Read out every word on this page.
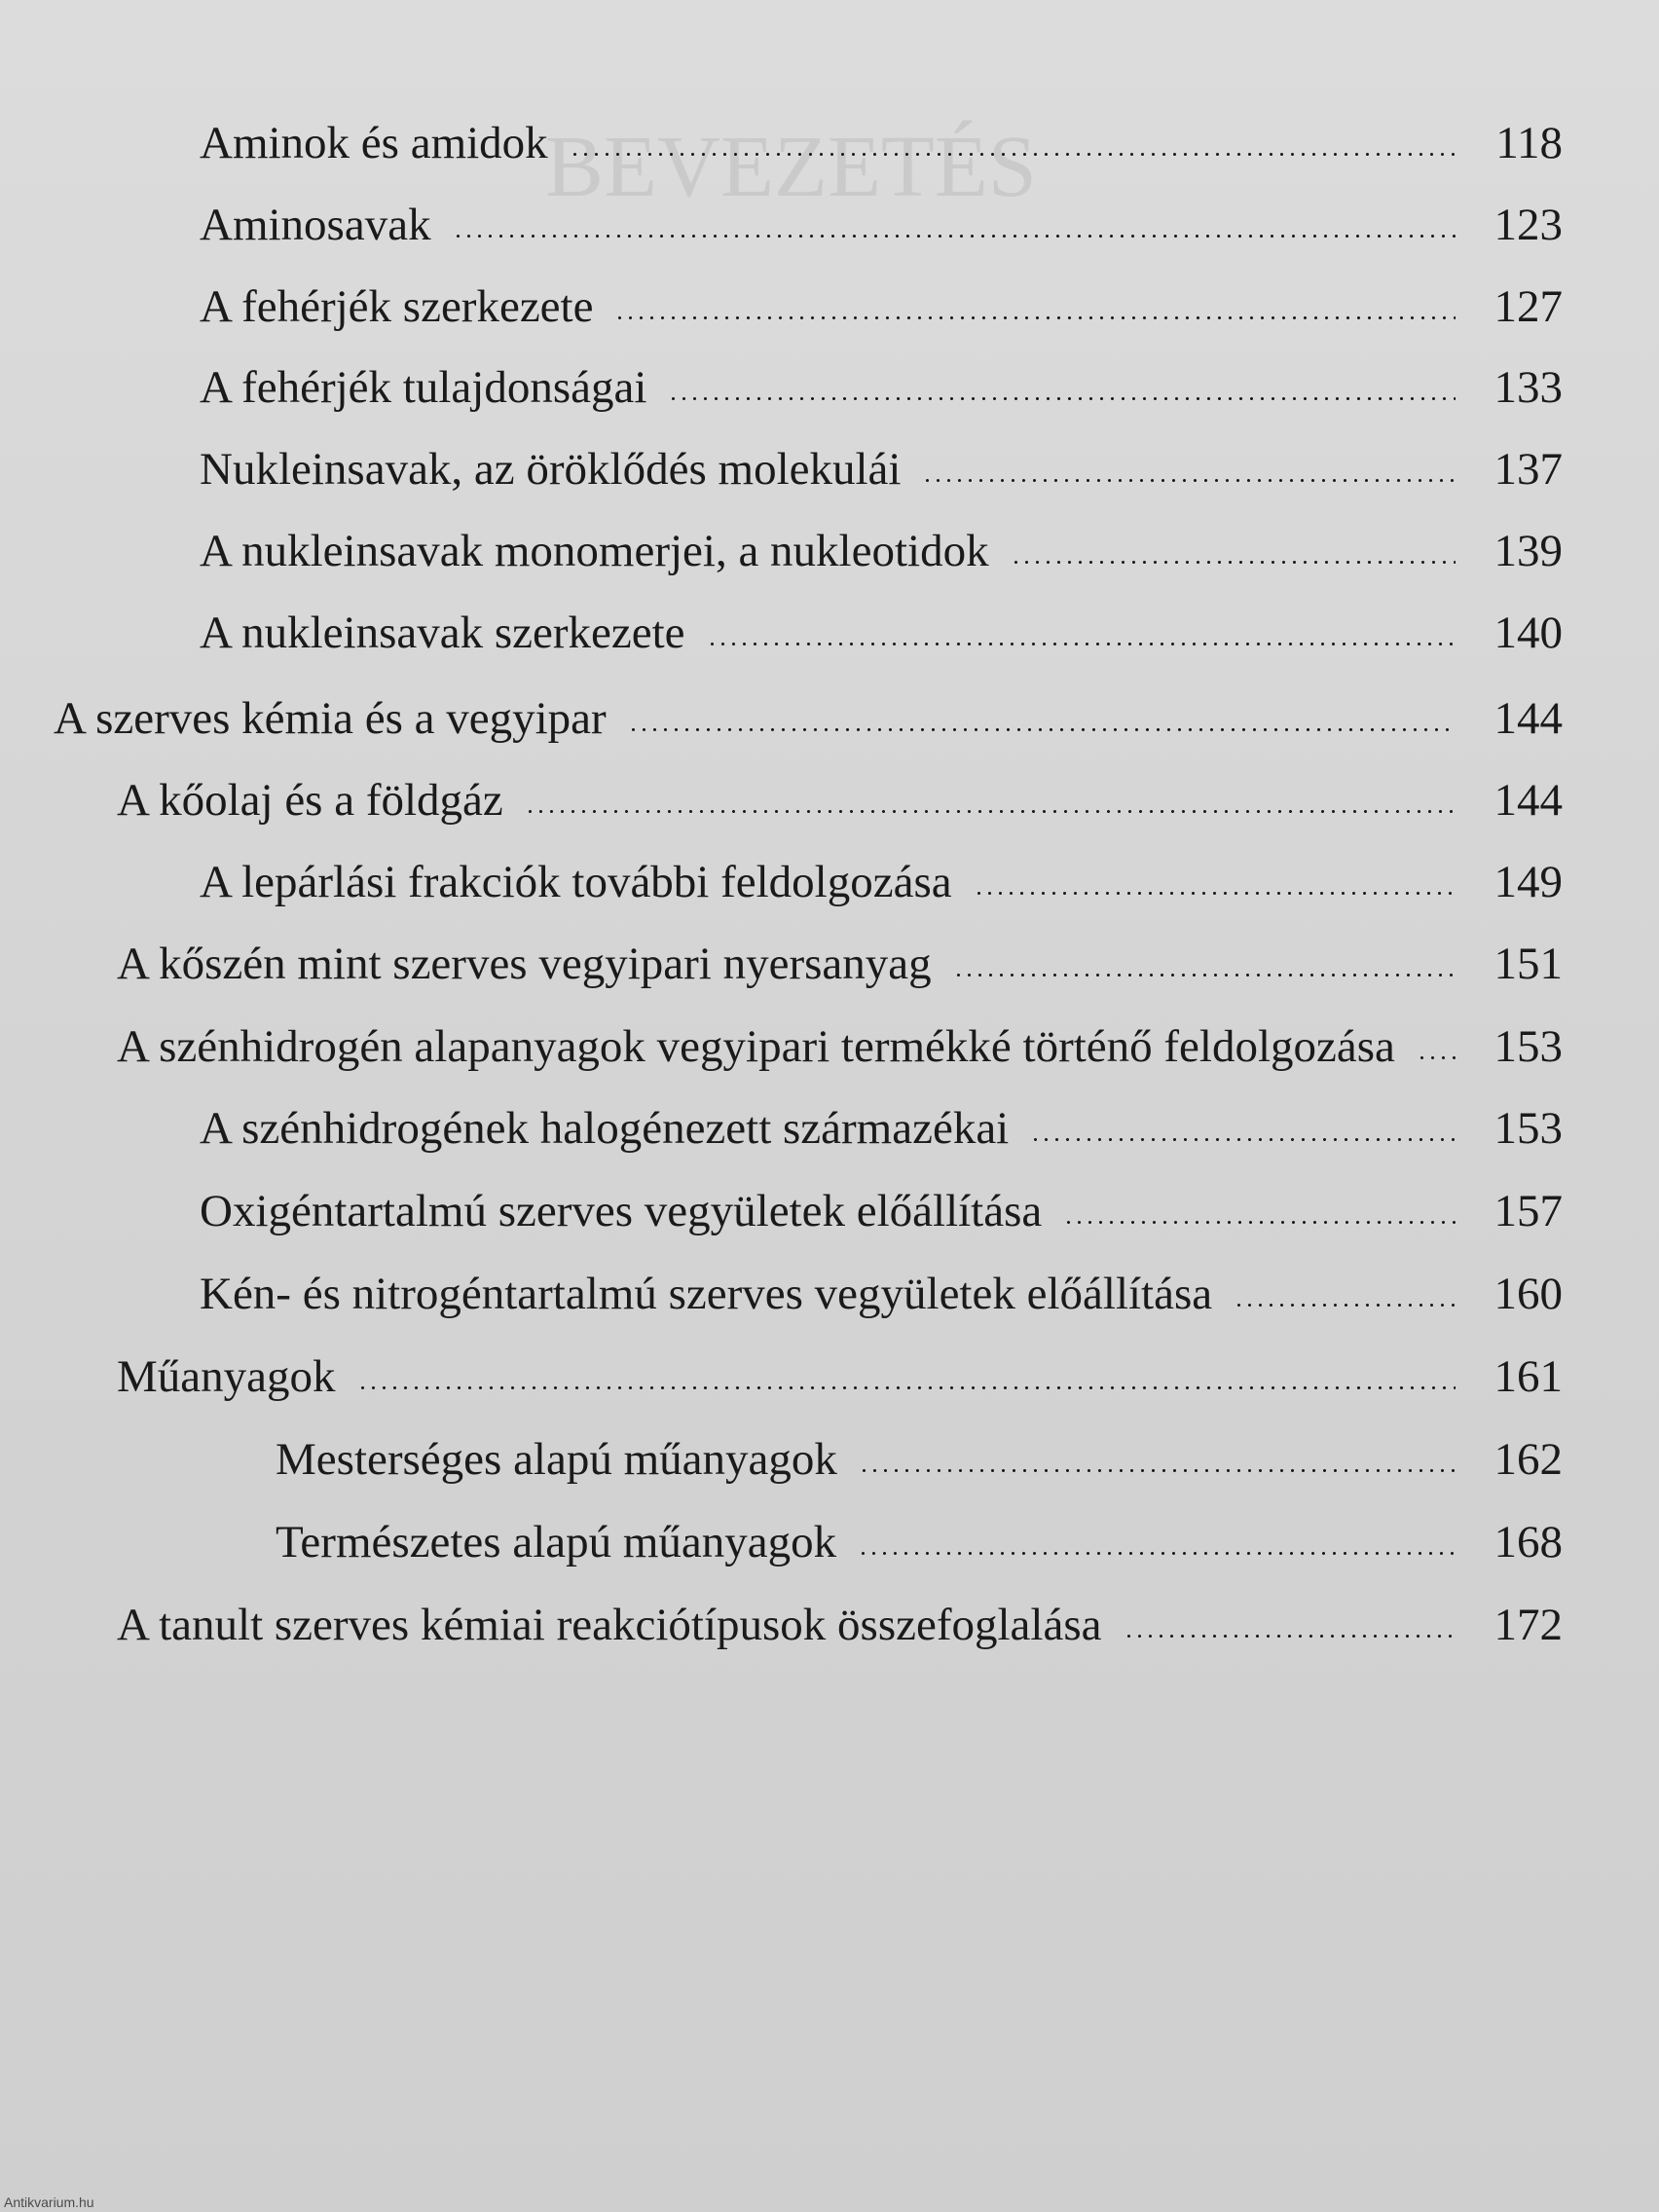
BEVEZETÉS
Aminok és amidok	118
Aminosavak	123
A fehérjék szerkezete	127
A fehérjék tulajdonságai	133
Nukleinsavak, az öröklődés molekulái	137
A nukleinsavak monomerjei, a nukleotidok	139
A nukleinsavak szerkezete	140
A szerves kémia és a vegyipar	144
A kőolaj és a földgáz	144
A lepárlási frakciók további feldolgozása	149
A kőszén mint szerves vegyipari nyersanyag	151
A szénhidrogén alapanyagok vegyipari termékké történő feldolgozása	153
A szénhidrogének halogénezett származékai	153
Oxigéntartalmú szerves vegyületek előállítása	157
Kén- és nitrogéntartalmú szerves vegyületek előállítása	160
Műanyagok	161
Mesterséges alapú műanyagok	162
Természetes alapú műanyagok	168
A tanult szerves kémiai reakciótípusok összefoglalása	172
Antikvarium.hu
